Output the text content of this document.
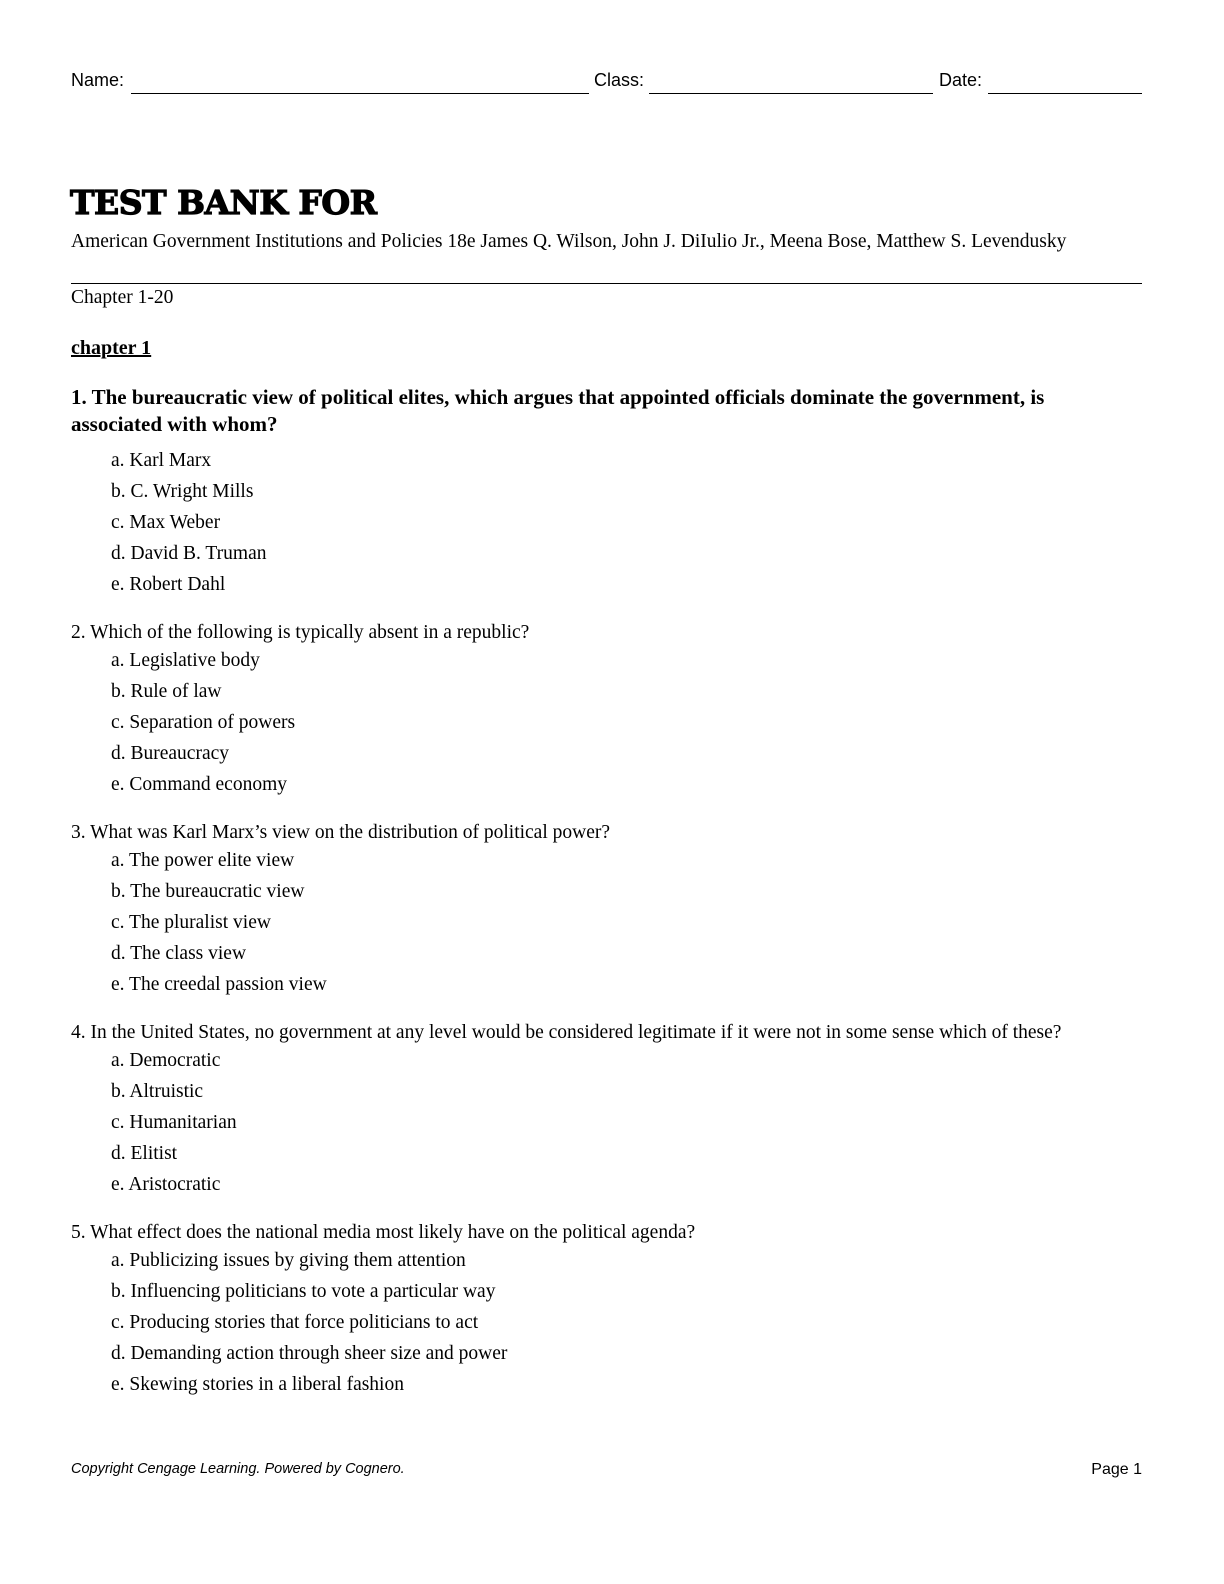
Name:	Class:	Date:
TEST BANK FOR
American Government Institutions and Policies 18e James Q. Wilson, John J. DiIulio Jr., Meena Bose, Matthew S. Levendusky
Chapter 1-20
chapter 1

1. The bureaucratic view of political elites, which argues that appointed officials dominate the government, is associated with whom?

a. Karl Marx
b. C. Wright Mills
c. Max Weber
d. David B. Truman
e. Robert Dahl

2. Which of the following is typically absent in a republic?

a. Legislative body
b. Rule of law
c. Separation of powers
d. Bureaucracy
e. Command economy

3. What was Karl Marx’s view on the distribution of political power?

a. The power elite view
b. The bureaucratic view
c. The pluralist view
d. The class view
e. The creedal passion view

4. In the United States, no government at any level would be considered legitimate if it were not in some sense which of these?

a. Democratic
b. Altruistic
c. Humanitarian
d. Elitist
e. Aristocratic

5. What effect does the national media most likely have on the political agenda?

a. Publicizing issues by giving them attention
b. Influencing politicians to vote a particular way
c. Producing stories that force politicians to act
d. Demanding action through sheer size and power
e. Skewing stories in a liberal fashion
Copyright Cengage Learning. Powered by Cognero.	Page 1
